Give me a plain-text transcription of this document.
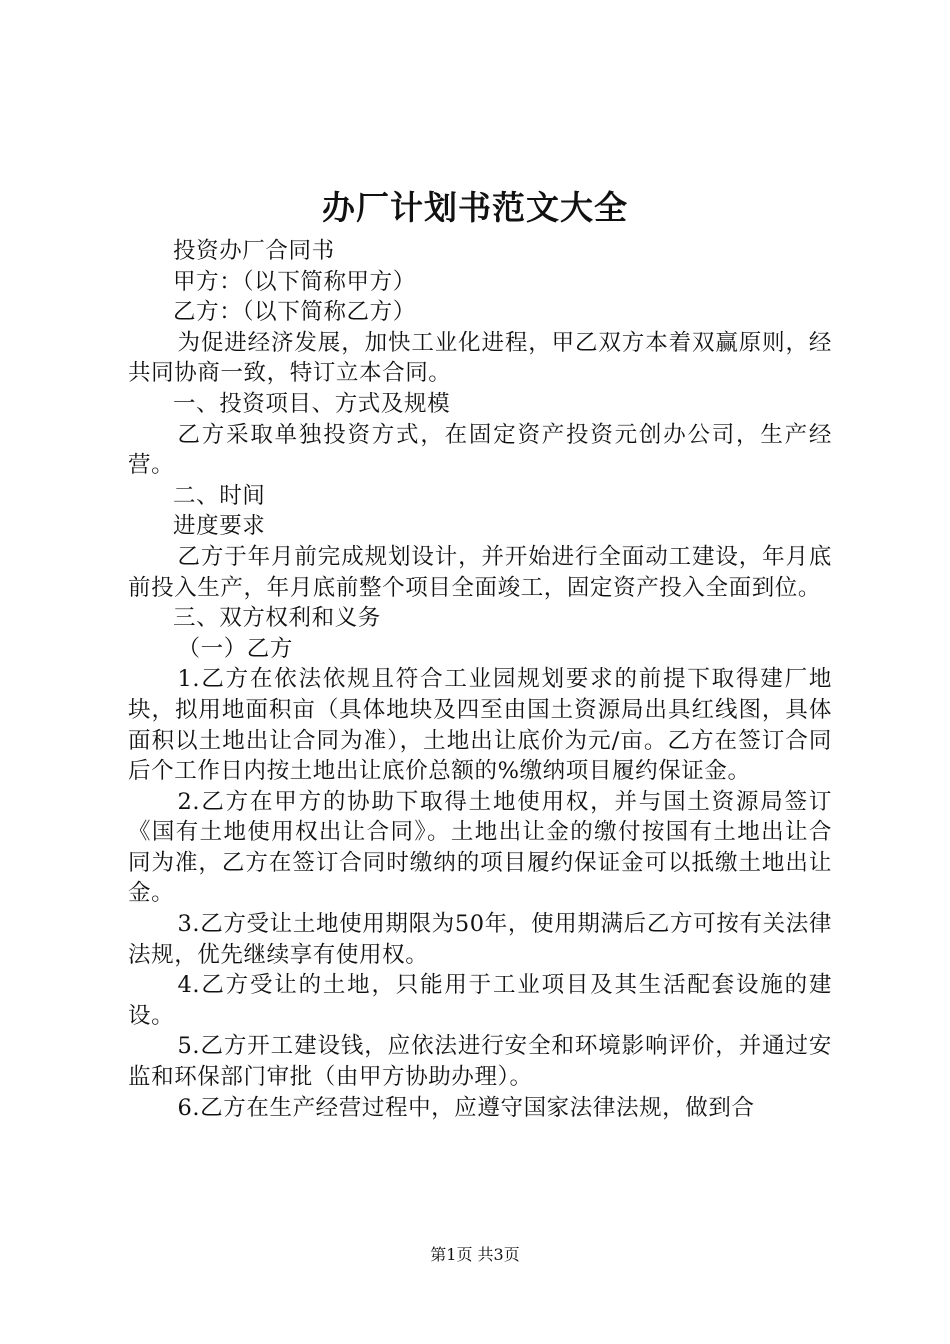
办厂计划书范文大全

投资办厂合同书

甲方：（以下简称甲方）

乙方：（以下简称乙方）

为促进经济发展，加快工业化进程，甲乙双方本着双赢原则，经共同协商一致，特订立本合同。

一、投资项目、方式及规模

乙方采取单独投资方式，在固定资产投资元创办公司，生产经营。

二、时间

进度要求

乙方于年月前完成规划设计，并开始进行全面动工建设，年月底前投入生产，年月底前整个项目全面竣工，固定资产投入全面到位。

三、双方权利和义务

（一）乙方

1.乙方在依法依规且符合工业园规划要求的前提下取得建厂地块，拟用地面积亩（具体地块及四至由国土资源局出具红线图，具体面积以土地出让合同为准），土地出让底价为元/亩。乙方在签订合同后个工作日内按土地出让底价总额的%缴纳项目履约保证金。

2.乙方在甲方的协助下取得土地使用权，并与国土资源局签订《国有土地使用权出让合同》。土地出让金的缴付按国有土地出让合同为准，乙方在签订合同时缴纳的项目履约保证金可以抵缴土地出让金。

3.乙方受让土地使用期限为50年，使用期满后乙方可按有关法律法规，优先继续享有使用权。

4.乙方受让的土地，只能用于工业项目及其生活配套设施的建设。

5.乙方开工建设钱，应依法进行安全和环境影响评价，并通过安监和环保部门审批（由甲方协助办理）。

6.乙方在生产经营过程中，应遵守国家法律法规，做到合

第1页 共3页
